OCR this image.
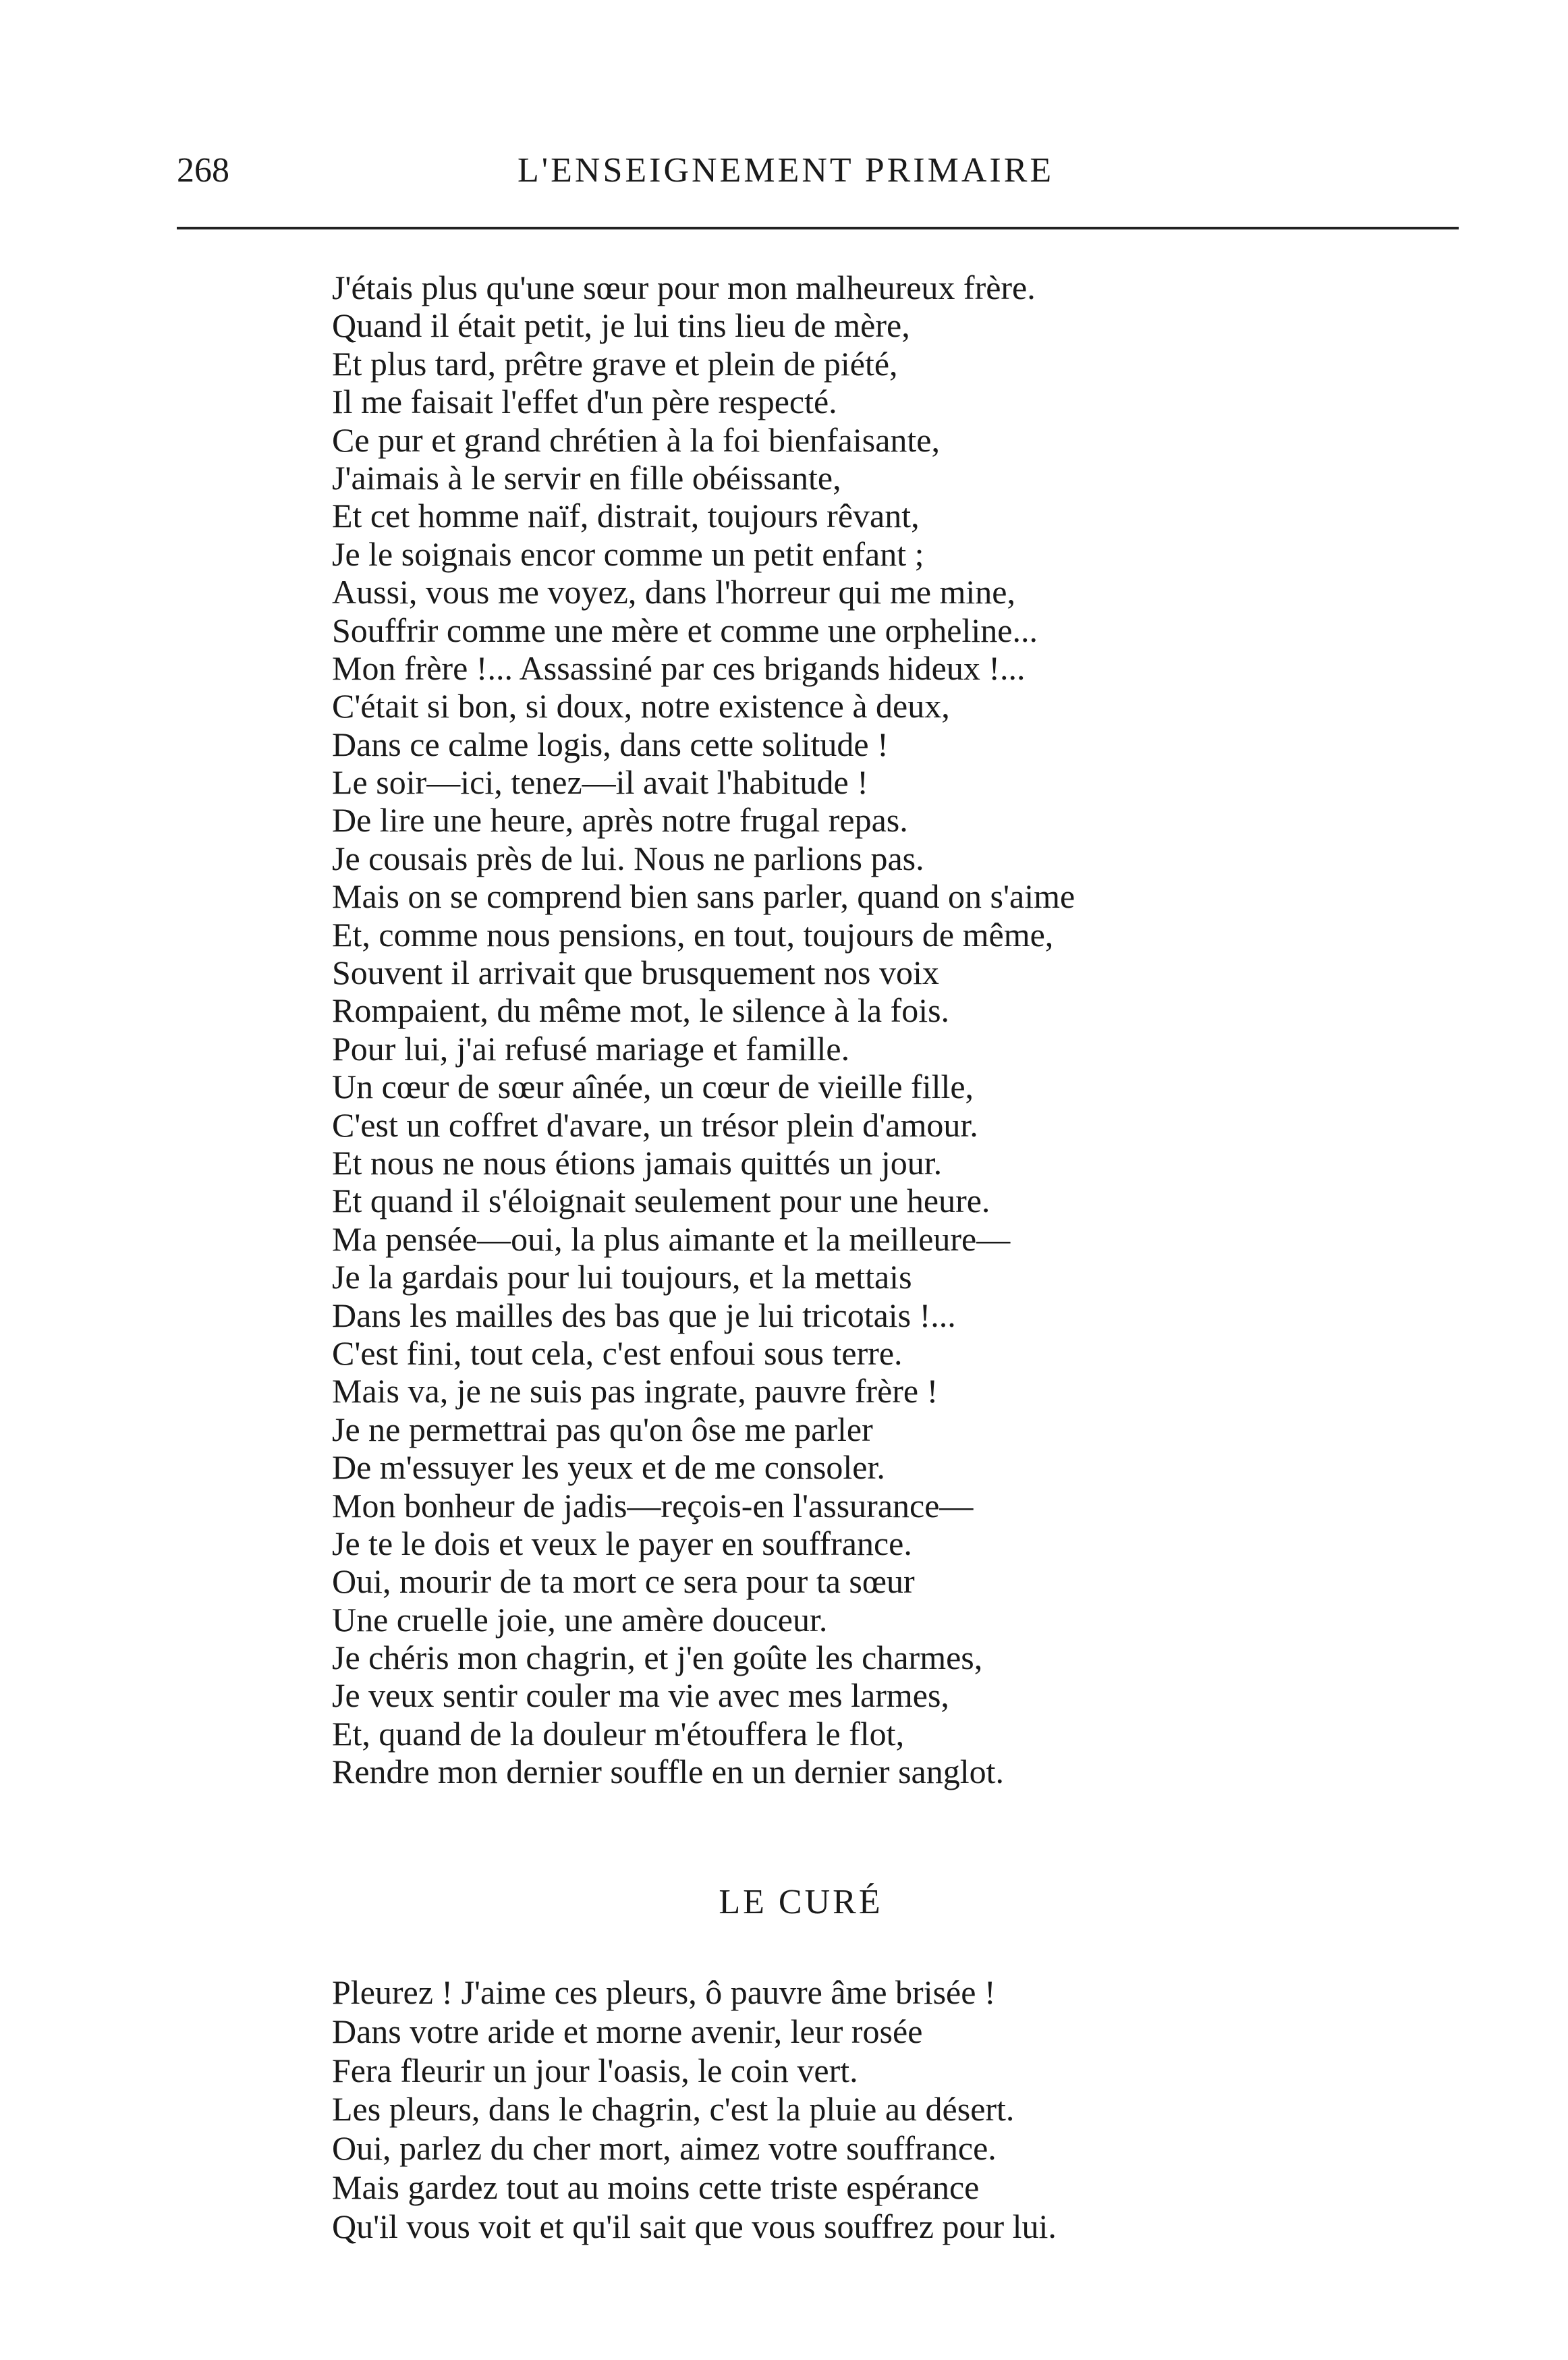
268	L'ENSEIGNEMENT PRIMAIRE
J'étais plus qu'une sœur pour mon malheureux frère.
Quand il était petit, je lui tins lieu de mère,
Et plus tard, prêtre grave et plein de piété,
Il me faisait l'effet d'un père respecté.
Ce pur et grand chrétien à la foi bienfaisante,
J'aimais à le servir en fille obéissante,
Et cet homme naïf, distrait, toujours rêvant,
Je le soignais encor comme un petit enfant ;
Aussi, vous me voyez, dans l'horreur qui me mine,
Souffrir comme une mère et comme une orpheline...
Mon frère !... Assassiné par ces brigands hideux !...
C'était si bon, si doux, notre existence à deux,
Dans ce calme logis, dans cette solitude !
Le soir—ici, tenez—il avait l'habitude !
De lire une heure, après notre frugal repas.
Je cousais près de lui. Nous ne parlions pas.
Mais on se comprend bien sans parler, quand on s'aime
Et, comme nous pensions, en tout, toujours de même,
Souvent il arrivait que brusquement nos voix
Rompaient, du même mot, le silence à la fois.
Pour lui, j'ai refusé mariage et famille.
Un cœur de sœur aînée, un cœur de vieille fille,
C'est un coffret d'avare, un trésor plein d'amour.
Et nous ne nous étions jamais quittés un jour.
Et quand il s'éloignait seulement pour une heure.
Ma pensée—oui, la plus aimante et la meilleure—
Je la gardais pour lui toujours, et la mettais
Dans les mailles des bas que je lui tricotais !...
C'est fini, tout cela, c'est enfoui sous terre.
Mais va, je ne suis pas ingrate, pauvre frère !
Je ne permettrai pas qu'on ôse me parler
De m'essuyer les yeux et de me consoler.
Mon bonheur de jadis—reçois-en l'assurance—
Je te le dois et veux le payer en souffrance.
Oui, mourir de ta mort ce sera pour ta sœur
Une cruelle joie, une amère douceur.
Je chéris mon chagrin, et j'en goûte les charmes,
Je veux sentir couler ma vie avec mes larmes,
Et, quand de la douleur m'étouffera le flot,
Rendre mon dernier souffle en un dernier sanglot.
LE CURÉ
Pleurez ! J'aime ces pleurs, ô pauvre âme brisée !
Dans votre aride et morne avenir, leur rosée
Fera fleurir un jour l'oasis, le coin vert.
Les pleurs, dans le chagrin, c'est la pluie au désert.
Oui, parlez du cher mort, aimez votre souffrance.
Mais gardez tout au moins cette triste espérance
Qu'il vous voit et qu'il sait que vous souffrez pour lui.
